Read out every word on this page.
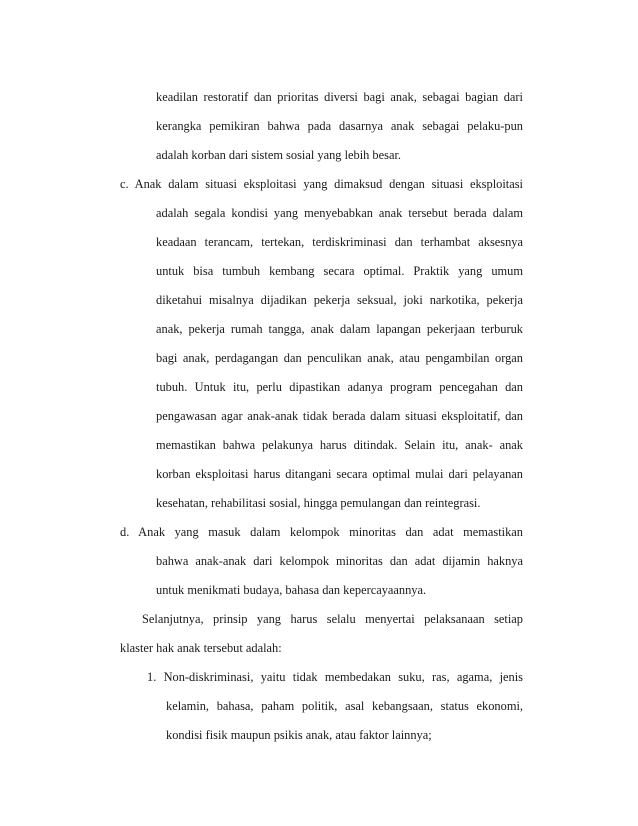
keadilan restoratif dan prioritas diversi bagi anak, sebagai bagian dari
kerangka pemikiran bahwa pada dasarnya anak sebagai pelaku-pun
adalah korban dari sistem sosial yang lebih besar.
c. Anak dalam situasi eksploitasi yang dimaksud dengan situasi eksploitasi
adalah segala kondisi yang menyebabkan anak tersebut berada dalam
keadaan terancam, tertekan, terdiskriminasi dan terhambat aksesnya
untuk bisa tumbuh kembang secara optimal. Praktik yang umum
diketahui misalnya dijadikan pekerja seksual, joki narkotika, pekerja
anak, pekerja rumah tangga, anak dalam lapangan pekerjaan terburuk
bagi anak, perdagangan dan penculikan anak, atau pengambilan organ
tubuh. Untuk itu, perlu dipastikan adanya program pencegahan dan
pengawasan agar anak-anak tidak berada dalam situasi eksploitatif, dan
memastikan bahwa pelakunya harus ditindak. Selain itu, anak- anak
korban eksploitasi harus ditangani secara optimal mulai dari pelayanan
kesehatan, rehabilitasi sosial, hingga pemulangan dan reintegrasi.
d. Anak yang masuk dalam kelompok minoritas dan adat memastikan
bahwa anak-anak dari kelompok minoritas dan adat dijamin haknya
untuk menikmati budaya, bahasa dan kepercayaannya.
Selanjutnya, prinsip yang harus selalu menyertai pelaksanaan setiap
klaster hak anak tersebut adalah:
1. Non-diskriminasi, yaitu tidak membedakan suku, ras, agama, jenis
kelamin, bahasa, paham politik, asal kebangsaan, status ekonomi,
kondisi fisik maupun psikis anak, atau faktor lainnya;
